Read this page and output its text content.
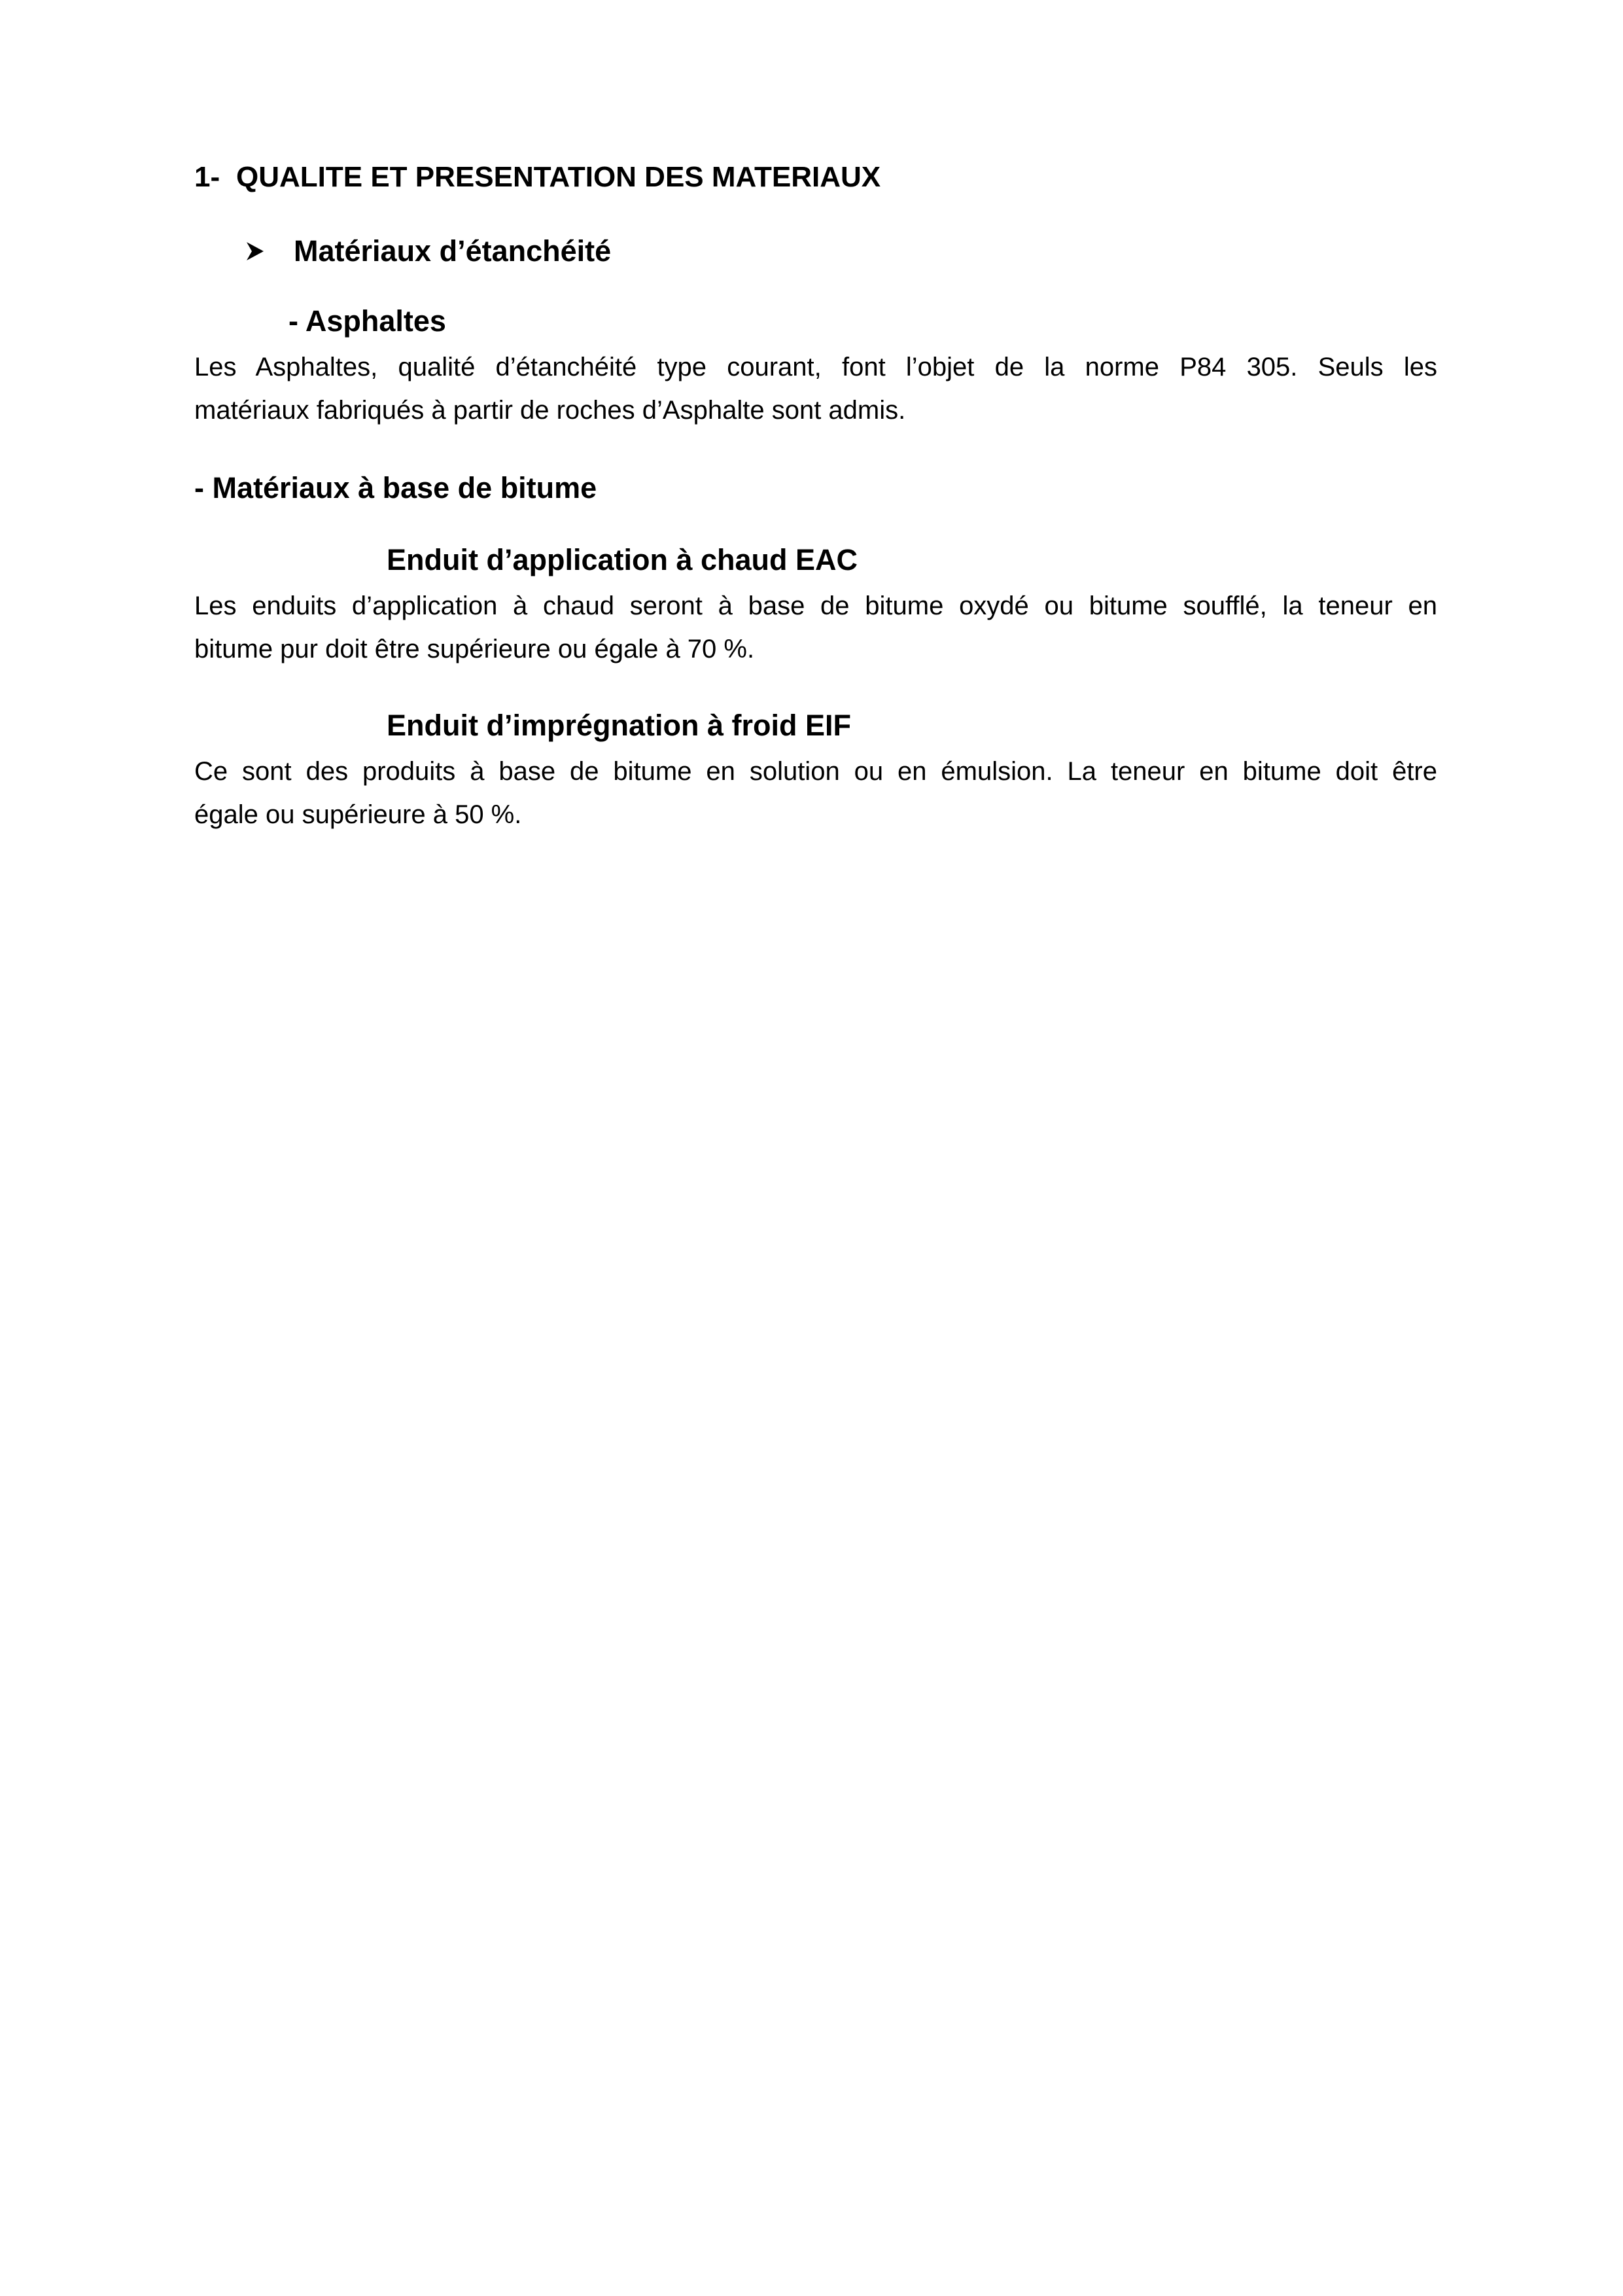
1- QUALITE ET PRESENTATION DES MATERIAUX
Matériaux d’étanchéité
- Asphaltes
Les Asphaltes, qualité d’étanchéité type courant, font l’objet de la norme P84 305. Seuls les
matériaux fabriqués à partir de roches d’Asphalte sont admis.
- Matériaux à base de bitume
Enduit d’application à chaud EAC
Les enduits d’application à chaud seront à base de bitume oxydé ou bitume soufflé, la teneur en
bitume pur doit être supérieure ou égale à 70 %.
Enduit d’imprégnation à froid EIF
Ce sont des produits à base de bitume en solution ou en émulsion. La teneur en bitume doit être
égale ou supérieure à 50 %.
